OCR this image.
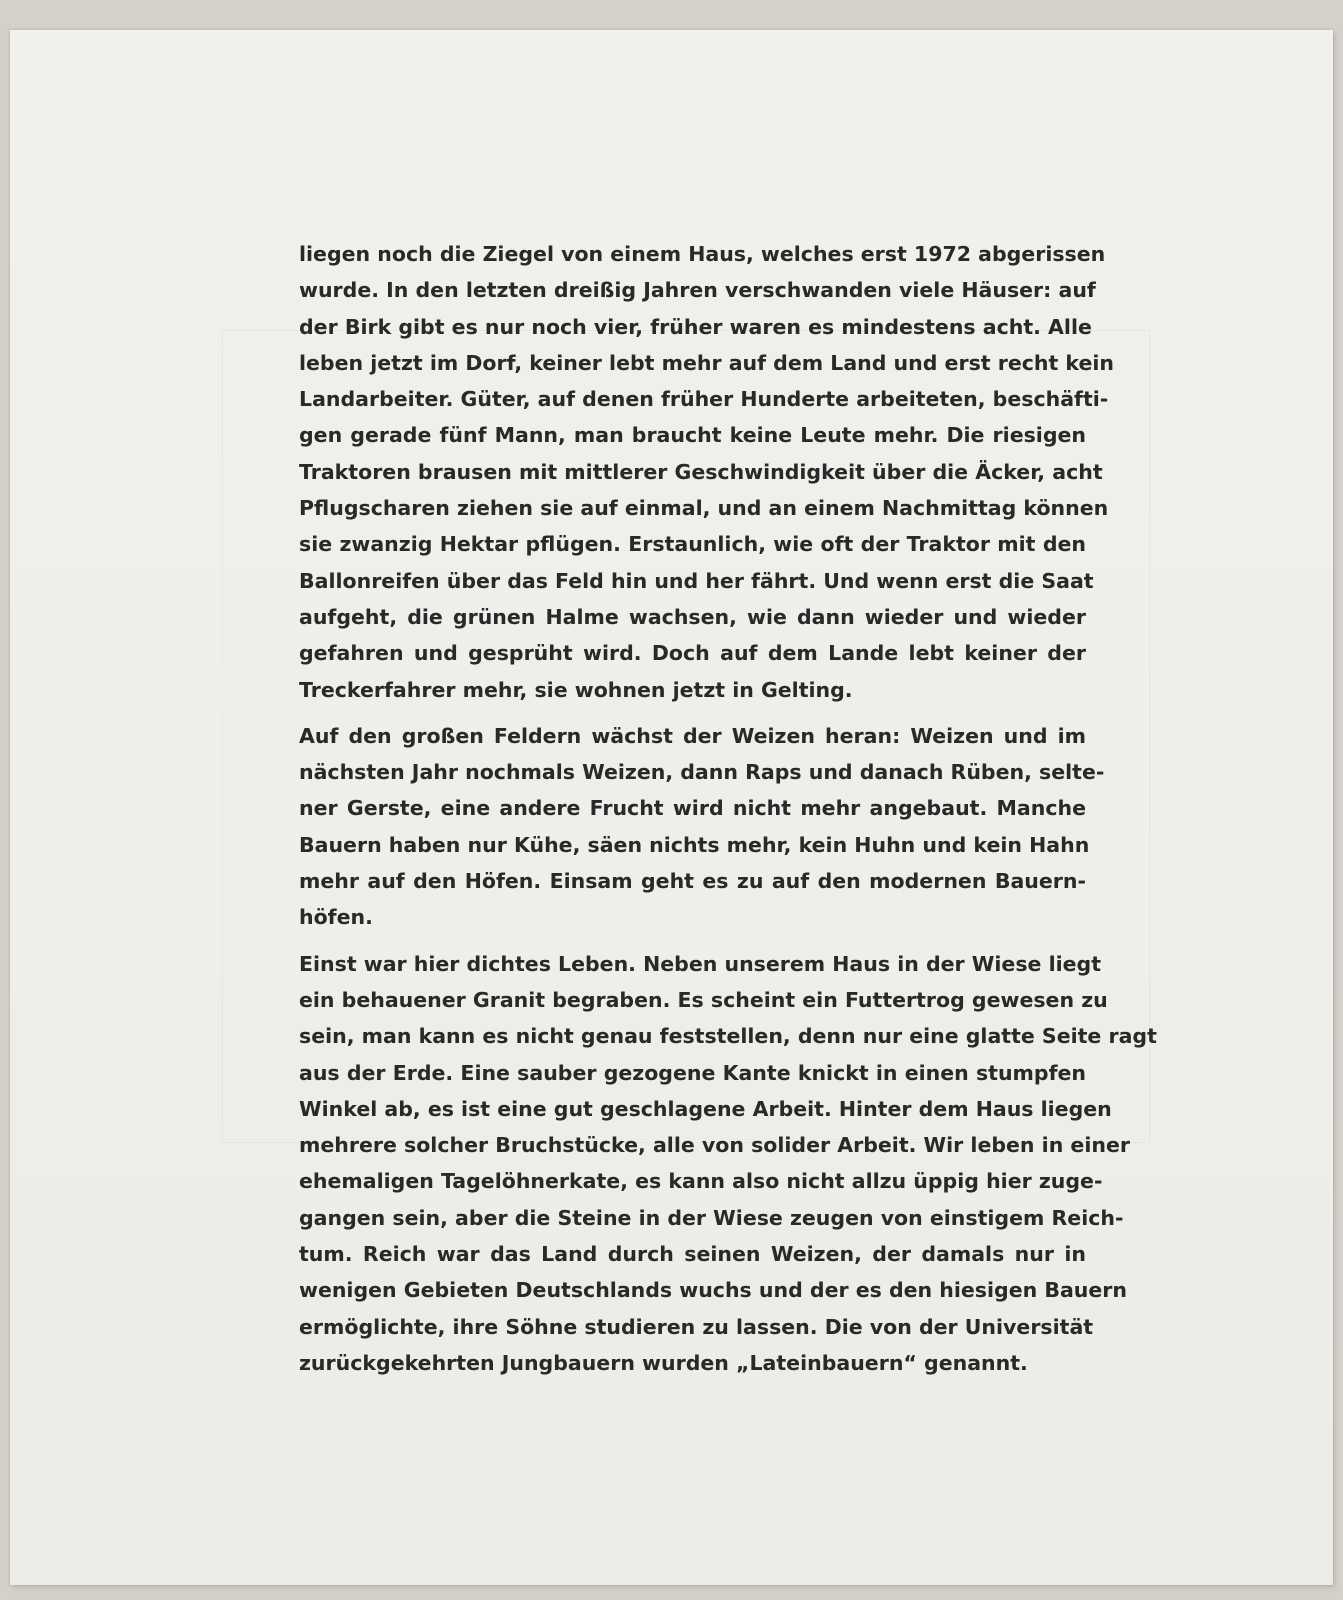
liegen noch die Ziegel von einem Haus, welches erst 1972 abgerissen
wurde. In den letzten dreißig Jahren verschwanden viele Häuser: auf
der Birk gibt es nur noch vier, früher waren es mindestens acht. Alle
leben jetzt im Dorf, keiner lebt mehr auf dem Land und erst recht kein
Landarbeiter. Güter, auf denen früher Hunderte arbeiteten, beschäfti-
gen gerade fünf Mann, man braucht keine Leute mehr. Die riesigen
Traktoren brausen mit mittlerer Geschwindigkeit über die Äcker, acht
Pflugscharen ziehen sie auf einmal, und an einem Nachmittag können
sie zwanzig Hektar pflügen. Erstaunlich, wie oft der Traktor mit den
Ballonreifen über das Feld hin und her fährt. Und wenn erst die Saat
aufgeht, die grünen Halme wachsen, wie dann wieder und wieder
gefahren und gesprüht wird. Doch auf dem Lande lebt keiner der
Treckerfahrer mehr, sie wohnen jetzt in Gelting.
Auf den großen Feldern wächst der Weizen heran: Weizen und im
nächsten Jahr nochmals Weizen, dann Raps und danach Rüben, selte-
ner Gerste, eine andere Frucht wird nicht mehr angebaut. Manche
Bauern haben nur Kühe, säen nichts mehr, kein Huhn und kein Hahn
mehr auf den Höfen. Einsam geht es zu auf den modernen Bauern-
höfen.
Einst war hier dichtes Leben. Neben unserem Haus in der Wiese liegt
ein behauener Granit begraben. Es scheint ein Futtertrog gewesen zu
sein, man kann es nicht genau feststellen, denn nur eine glatte Seite ragt
aus der Erde. Eine sauber gezogene Kante knickt in einen stumpfen
Winkel ab, es ist eine gut geschlagene Arbeit. Hinter dem Haus liegen
mehrere solcher Bruchstücke, alle von solider Arbeit. Wir leben in einer
ehemaligen Tagelöhnerkate, es kann also nicht allzu üppig hier zuge-
gangen sein, aber die Steine in der Wiese zeugen von einstigem Reich-
tum. Reich war das Land durch seinen Weizen, der damals nur in
wenigen Gebieten Deutschlands wuchs und der es den hiesigen Bauern
ermöglichte, ihre Söhne studieren zu lassen. Die von der Universität
zurückgekehrten Jungbauern wurden „Lateinbauern“ genannt.
